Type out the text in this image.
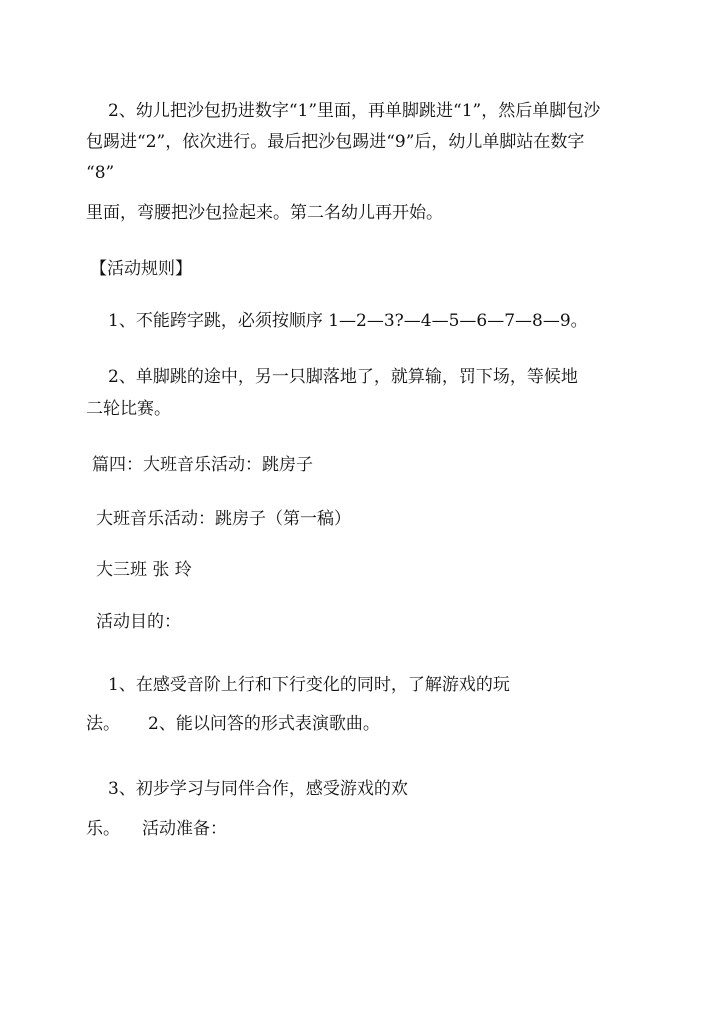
2、幼儿把沙包扔进数字“1”里面，再单脚跳进“1”，然后单脚包沙
包踢进“2”，依次进行。最后把沙包踢进“9”后，幼儿单脚站在数字
“8”
里面，弯腰把沙包捡起来。第二名幼儿再开始。
【活动规则】
1、不能跨字跳，必须按顺序 1—2—3?—4—5—6—7—8—9。
2、单脚跳的途中，另一只脚落地了，就算输，罚下场，等候地
二轮比赛。
篇四：大班音乐活动：跳房子
大班音乐活动：跳房子（第一稿）
大三班 张 玲
活动目的：
1、在感受音阶上行和下行变化的同时，了解游戏的玩
法。 2、能以问答的形式表演歌曲。
3、初步学习与同伴合作，感受游戏的欢
乐。 活动准备：
